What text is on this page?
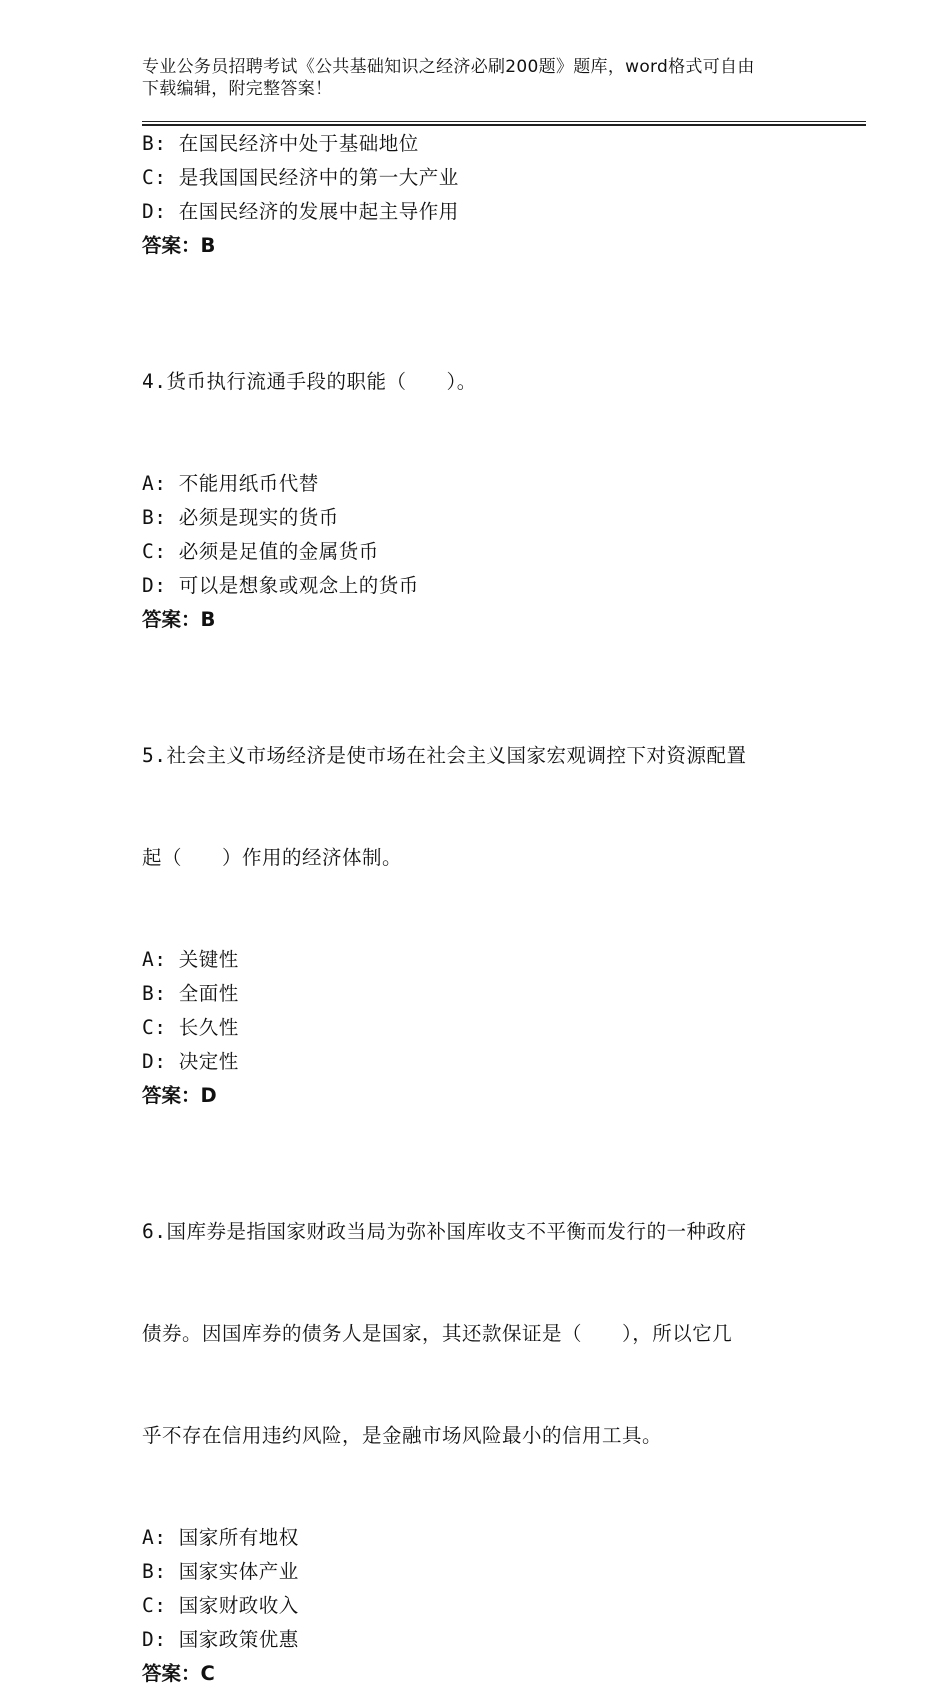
专业公务员招聘考试《公共基础知识之经济必刷200题》题库，word格式可自由
下载编辑，附完整答案！
B: 在国民经济中处于基础地位
C: 是我国国民经济中的第一大产业
D: 在国民经济的发展中起主导作用
答案：B

4.货币执行流通手段的职能（　　）。

A: 不能用纸币代替
B: 必须是现实的货币
C: 必须是足值的金属货币
D: 可以是想象或观念上的货币
答案：B

5.社会主义市场经济是使市场在社会主义国家宏观调控下对资源配置

起（　　）作用的经济体制。

A: 关键性
B: 全面性
C: 长久性
D: 决定性
答案：D

6.国库券是指国家财政当局为弥补国库收支不平衡而发行的一种政府

债券。因国库券的债务人是国家，其还款保证是（　　），所以它几

乎不存在信用违约风险，是金融市场风险最小的信用工具。

A: 国家所有地权
B: 国家实体产业
C: 国家财政收入
D: 国家政策优惠
答案：C
